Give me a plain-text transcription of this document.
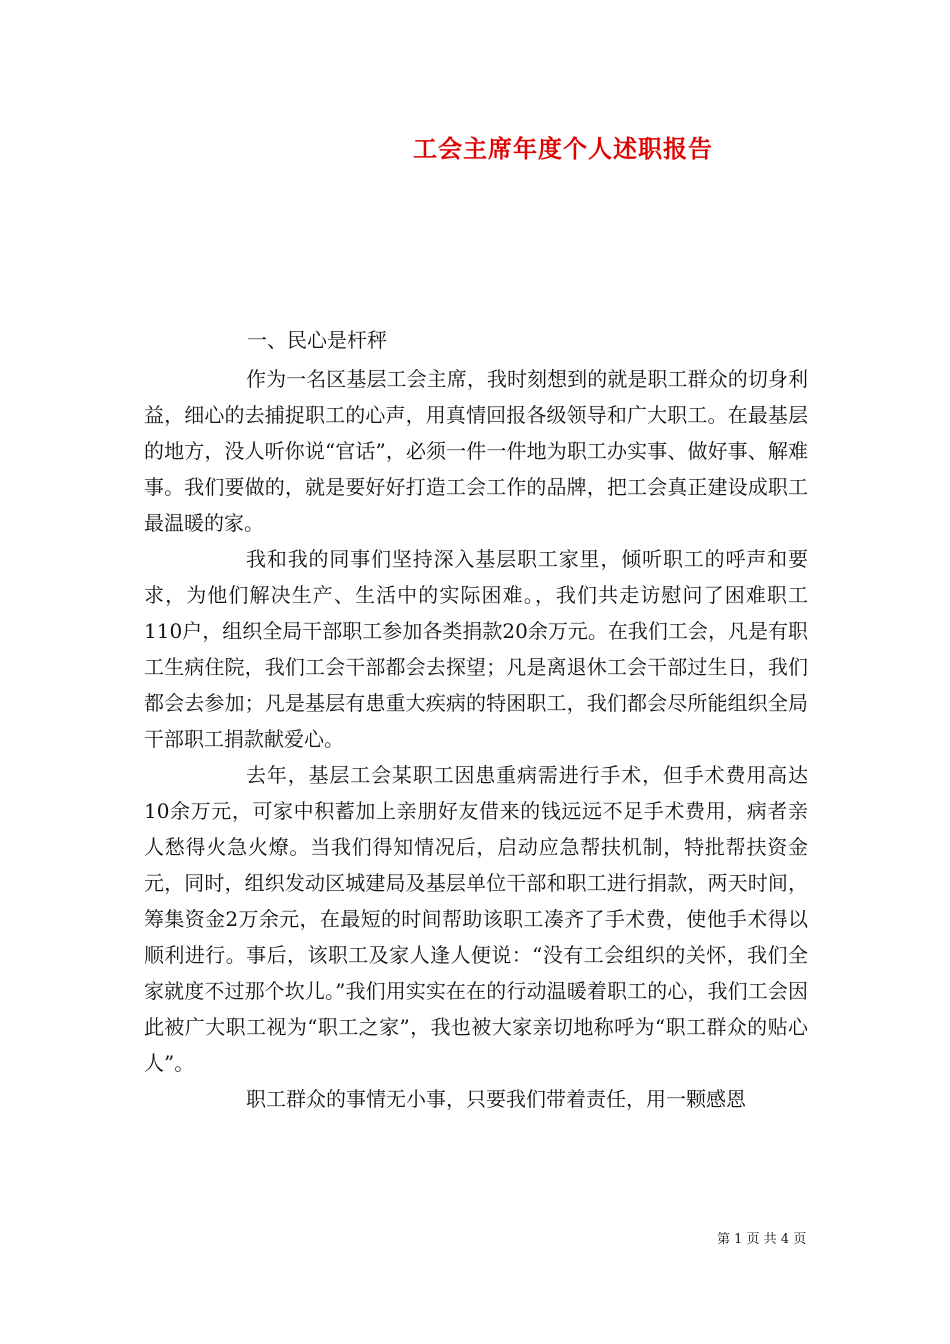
工会主席年度个人述职报告
一、民心是杆秤

作为一名区基层工会主席，我时刻想到的就是职工群众的切身利益，细心的去捕捉职工的心声，用真情回报各级领导和广大职工。在最基层的地方，没人听你说“官话”，必须一件一件地为职工办实事、做好事、解难事。我们要做的，就是要好好打造工会工作的品牌，把工会真正建设成职工最温暖的家。

我和我的同事们坚持深入基层职工家里，倾听职工的呼声和要求，为他们解决生产、生活中的实际困难。，我们共走访慰问了困难职工110户，组织全局干部职工参加各类捐款20余万元。在我们工会，凡是有职工生病住院，我们工会干部都会去探望；凡是离退休工会干部过生日，我们都会去参加；凡是基层有患重大疾病的特困职工，我们都会尽所能组织全局干部职工捐款献爱心。

去年，基层工会某职工因患重病需进行手术，但手术费用高达10余万元，可家中积蓄加上亲朋好友借来的钱远远不足手术费用，病者亲人愁得火急火燎。当我们得知情况后，启动应急帮扶机制，特批帮扶资金元，同时，组织发动区城建局及基层单位干部和职工进行捐款，两天时间，筹集资金2万余元，在最短的时间帮助该职工凑齐了手术费，使他手术得以顺利进行。事后，该职工及家人逢人便说：“没有工会组织的关怀，我们全家就度不过那个坎儿。”我们用实实在在的行动温暖着职工的心，我们工会因此被广大职工视为“职工之家”，我也被大家亲切地称呼为“职工群众的贴心人”。

职工群众的事情无小事，只要我们带着责任，用一颗感恩

第 1 页 共 4 页
